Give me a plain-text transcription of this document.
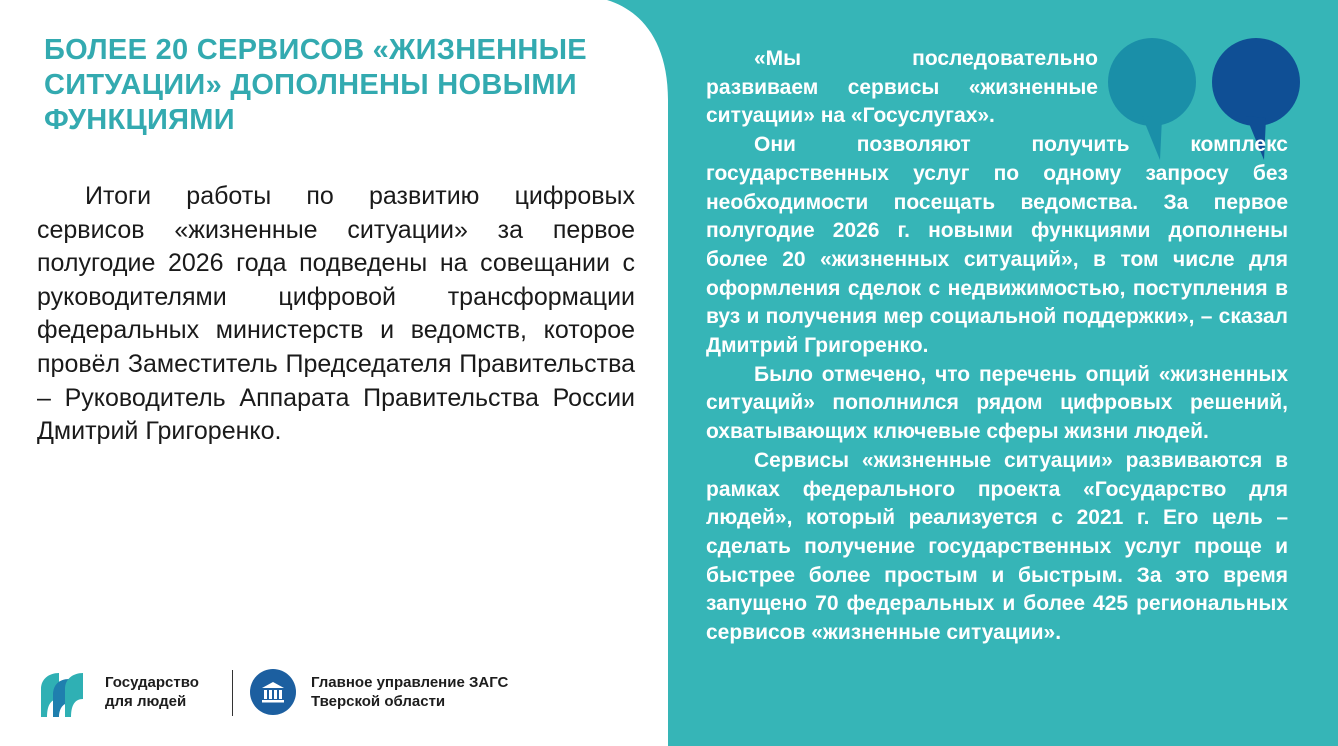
БОЛЕЕ 20 СЕРВИСОВ «ЖИЗНЕННЫЕ СИТУАЦИИ» ДОПОЛНЕНЫ НОВЫМИ ФУНКЦИЯМИ

Итоги работы по развитию цифровых сервисов «жизненные ситуации» за первое полугодие 2026 года подведены на совещании с руководителями цифровой трансформации федеральных министерств и ведомств, которое провёл Заместитель Председателя Правительства – Руководитель Аппарата Правительства России Дмитрий Григоренко.

«Мы последовательно развиваем сервисы «жизненные ситуации» на «Госуслугах».

Они позволяют получить комплекс государственных услуг по одному запросу без необходимости посещать ведомства. За первое полугодие 2026 г. новыми функциями дополнены более 20 «жизненных ситуаций», в том числе для оформления сделок с недвижимостью, поступления в вуз и получения мер социальной поддержки», – сказал Дмитрий Григоренко.

Было отмечено, что перечень опций «жизненных ситуаций» пополнился рядом цифровых решений, охватывающих ключевые сферы жизни людей.

Сервисы «жизненные ситуации» развиваются в рамках федерального проекта «Государство для людей», который реализуется с 2021 г. Его цель – сделать получение государственных услуг проще и быстрее более простым и быстрым. За это время запущено 70 федеральных и более 425 региональных сервисов «жизненные ситуации».

Государство
для людей
Главное управление ЗАГС
Тверской области
